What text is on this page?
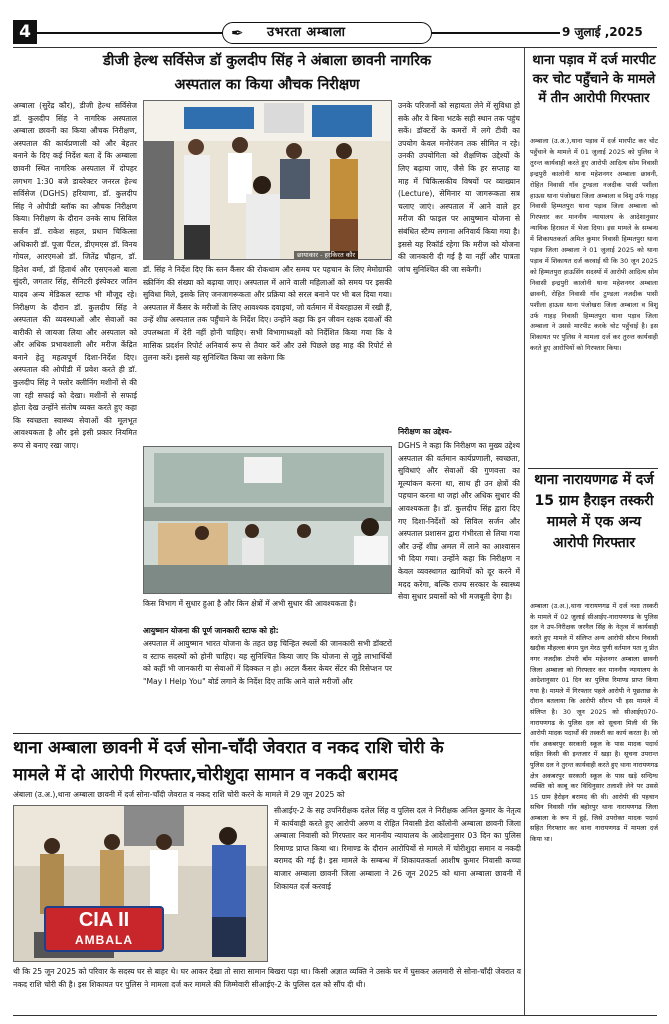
4	✒ उभरता अम्बाला	9 जुलाई ,2025
डीजी हेल्थ सर्विसेज डॉ कुलदीप सिंह ने अंबाला छावनी नागरिक
अस्पताल का किया औचक निरीक्षण
अम्बाला (सुरेंद्र कौर), डीजी हेल्थ सर्विसेज डॉ. कुलदीप सिंह ने नागरिक अस्पताल अम्बाला छावनी का किया औचक निरीक्षण, अस्पताल की कार्यप्रणाली को और बेहतर बनाने के दिए कई निर्देश बता दें कि अम्बाला छावनी स्थित नागरिक अस्पताल में दोपहर लगभग 1:30 बजे डायरेक्टर जनरल हेल्थ सर्विसेज (DGHS) हरियाणा, डॉ. कुलदीप सिंह ने ओपीडी ब्लॉक का औचक निरीक्षण किया। निरीक्षण के दौरान उनके साथ सिविल सर्जन डॉ. राकेश सहल, प्रधान चिकित्सा अधिकारी डॉ. पूजा पैंटल, डीएमएस डॉ. विनय गोयल, आरएमओ डॉ. जितेंद्र चौहान, डॉ. हितेश वर्मा, डॉ हितार्थ और एसएनओ बाला सुंदरी, जगतार सिंह, सैनिटरी इंस्पेक्टर जतिन यादव अन्य मेडिकल स्टाफ भी मौजूद रहे। निरीक्षण के दौरान डॉ. कुलदीप सिंह ने अस्पताल की व्यवस्थाओं और सेवाओं का बारीकी से जायजा लिया और अस्पताल को और अधिक प्रभावशाली और मरीज केंद्रित बनाने हेतु महत्वपूर्ण दिशा-निर्देश दिए। अस्पताल की ओपीडी में प्रवेश करते ही डॉ. कुलदीप सिंह ने फ्लोर क्लीनिंग मशीनों से की जा रही सफाई को देखा। मशीनों से सफाई होता देख उन्होंने संतोष व्यक्त करते हुए कहा कि स्वच्छता स्वास्थ्य सेवाओं की मूलभूत आवश्यकता है और इसे इसी प्रकार नियमित रूप से बनाए रखा जाए।
छायाकार - हरकिरत कौर
डॉ. सिंह ने निर्देश दिए कि स्तन कैंसर की रोकथाम और समय पर पहचान के लिए मेमोग्राफी स्क्रीनिंग की संख्या को बढ़ाया जाए। अस्पताल में आने वाली महिलाओं को समय पर इसकी सुविधा मिले, इसके लिए जनजागरूकता और प्रक्रिया को सरल बनाने पर भी बल दिया गया। अस्पताल में कैंसर के मरीजों के लिए आवश्यक दवाइयां, जो वर्तमान में वेयरहाउस में रखी हैं, उन्हें शीघ्र अस्पताल तक पहुँचाने के निर्देश दिए। उन्होंने कहा कि इन जीवन रक्षक दवाओं की उपलब्धता में देरी नहीं होनी चाहिए। सभी विभागाध्यक्षों को निर्देशित किया गया कि वे मासिक प्रदर्शन रिपोर्ट अनिवार्य रूप से तैयार करें और उसे पिछले छह माह की रिपोर्ट से तुलना करें। इससे यह सुनिश्चित किया जा सकेगा कि
किस विभाग में सुधार हुआ है और किन क्षेत्रों में अभी सुधार की आवश्यकता है।
आयुष्मान योजना की पूर्ण जानकारी स्टाफ को हो:
अस्पताल में आयुष्मान भारत योजना के तहत छह चिन्हित स्थलों की जानकारी सभी डॉक्टरों व स्टाफ सदस्यों को होनी चाहिए। यह सुनिश्चित किया जाए कि योजना से जुड़े लाभार्थियों को कहीं भी जानकारी या सेवाओं में दिक्कत न हो। अटल कैंसर केयर सेंटर की रिसेप्शन पर "May I Help You" बोर्ड लगाने के निर्देश दिए ताकि आने वाले मरीजों और
उनके परिजनों को सहायता लेने में सुविधा हो सके और वे बिना भटके सही स्थान तक पहुंच सकें। डॉक्टरों के कमरों में लगे टीवी का उपयोग केवल मनोरंजन तक सीमित न रहे। उनकी उपयोगिता को शैक्षणिक उद्देश्यों के लिए बढ़ाया जाए, जैसे कि हर सप्ताह या माह में चिकित्सकीय विषयों पर व्याख्यान (Lecture), सेमिनार या जागरूकता सत्र चलाए जाएं। अस्पताल में आने वाले हर मरीज की फाइल पर आयुष्मान योजना से संबंधित स्टैम्प लगाना अनिवार्य किया गया है। इससे यह रिकॉर्ड रहेगा कि मरीज को योजना की जानकारी दी गई है या नहीं और पात्रता जांच सुनिश्चित की जा सकेगी।
निरीक्षण का उद्देश्य-
DGHS ने कहा कि निरीक्षण का मुख्य उद्देश्य अस्पताल की वर्तमान कार्यप्रणाली, स्वच्छता, सुविधाएं और सेवाओं की गुणवत्ता का मूल्यांकन करना था, साथ ही उन क्षेत्रों की पहचान करना था जहां और अधिक सुधार की आवश्यकता है। डॉ. कुलदीप सिंह द्वारा दिए गए दिशा-निर्देशों को सिविल सर्जन और अस्पताल प्रशासन द्वारा गंभीरता से लिया गया और उन्हें शीघ्र अमल में लाने का आश्वासन भी दिया गया। उन्होंने कहा कि निरीक्षण न केवल व्यवस्थागत खामियों को दूर करने में मदद करेगा, बल्कि राज्य सरकार के स्वास्थ्य सेवा सुधार प्रयासों को भी मजबूती देगा है।
थाना अम्बाला छावनी में दर्ज सोना-चाँदी जेवरात व नकद राशि चोरी के
मामले में दो आरोपी गिरफ्तार,चोरीशुदा सामान व नकदी बरामद
अंबाला (उ.अ.),थाना अम्बाला छावनी में दर्ज सोना-चाँदी जेवरात व नकद राशि चोरी करने के मामले में 29 जून 2025 को
CIA II
AMBALA
सीआईए-2 के सह उपनिरीक्षक दलेल सिंह व पुलिस दल ने निरीक्षक अनिल कुमार के नेतृत्व में कार्यवाही करते हुए आरोपी अरुण व रोहित निवासी डेरा कॉलोनी अम्बाला छावनी जिला अम्बाला निवासी को गिरफ्तार कर माननीय न्यायालय के आदेशानुसार 03 दिन का पुलिस रिमाण्ड प्राप्त किया था। रिमाण्ड के दौरान आरोपियों से मामले में चोरीशुदा समान व नकदी बरामद की गई है। इस मामले के सम्बन्ध में शिकायतकर्ता आशीष कुमार निवासी कच्चा बाजार अम्बाला छावनी जिला अम्बाला ने 26 जून 2025 को थाना अम्बाला छावनी में शिकायत दर्ज करवाई
थी कि 25 जून 2025 को परिवार के सदस्य घर से बाहर थे। घर आकर देखा तो सारा सामान बिखरा पड़ा था। किसी अज्ञात व्यक्ति ने उसके घर में घुसकर अलमारी से सोना-चाँदी जेवरात व नकद राशि चोरी की है। इस शिकायत पर पुलिस ने मामला दर्ज कर मामले की जिम्मेवारी सीआईए-2 के पुलिस दल को सौंप दी थी।
थाना पड़ाव में दर्ज मारपीट कर चोट पहुँचाने के मामले में तीन आरोपी गिरफ्तार
अम्बाला (उ.अ.),थाना पड़ाव में दर्ज मारपीट कर चोट पहुँचाने के मामले में 01 जुलाई 2025 को पुलिस ने तुरन्त कार्यवाही करते हुए आरोपी आदित्य सोम निवासी इन्द्रपुरी कालोनी थाना महेशनगर अम्बाला छावनी, रोहित निवासी गाँव टुण्डला नजदीक पासी पशीला हाऊस थाना पंजोखरा जिला अम्बाला व विशु उर्फ गाहड़ निवासी हिम्मतपुरा थाना पड़ाव जिला अम्बाला को गिरफ्तार कर माननीय न्यायालय के आदेशानुसार न्यायिक हिरासत में भेजा दिया। इस मामले के सम्बन्ध में शिकायतकर्ता अमित कुमार निवासी हिम्मतपुरा थाना पड़ाव जिला अम्बाला ने 01 जुलाई 2025 को थाना पड़ाव में शिकायत दर्ज करवाई थी कि 30 जून 2025 को हिम्मतपुरा हाऊसिंग सदस्यों में आरोपी आदित्य सोम निवासी इन्द्रपुरी कालोनी थाना महेशनगर अम्बाला छावनी, रोहित निवासी गाँव टुण्डला नजदीक पासी पशीला हाऊस थाना पंजोखरा जिला अम्बाला व विशु उर्फ गाहड़ निवासी हिम्मतपुरा थाना पड़ाव जिला अम्बाला ने उससे मारपीट करके चोट पहुँचाई है। इस शिकायत पर पुलिस ने मामला दर्ज कर तुरन्त कार्यवाही करते हुए आरोपियों को गिरफ्तार किया।
थाना नारायणगढ में दर्ज 15 ग्राम हैराइन तस्करी मामले में एक अन्य आरोपी गिरफ्तार
अम्बाला (उ.अ.),थाना नारायणगढ में दर्ज नशा तस्करी के मामले में 02 जुलाई सीआईए-नारायणगढ के पुलिस दल ने उप-निरीक्षक जरनैल सिंह के नेतृत्व में कार्यवाही करते हुए मामले में संलिप्त अन्य आरोपी सौरभ निवासी खदौक मौहल्ला बंगम पुल मेरठ पुणी वर्तमान पता नू प्रीत नगर नजदीक टोपरी बाँम महेशनगर अम्बाला छावनी जिला अम्बाला को गिरफ्तार कर माननीय न्यायालय के आदेशानुसार 01 दिन का पुलिस रिमाण्ड प्राप्त किया गया है। मामले में गिरफ्तार पहले आरोपी ने पूछताछ के दौरान बतलाया कि आरोपी सौरभ भी इस मामले में संलिप्त है। 30 जून 2025 को सीआईए070-नारायणगढ के पुलिस दल को सूचना मिली थी कि आरोपी मादक पदार्थों की तस्करी का कार्य करता है। जो गाँव अकबरपुर सरकारी स्कूल के पास मादक पदार्थ सहित किसी की इन्तजार में खड़ा है। सूचना उपरान्त पुलिस दल ने तुरन्त कार्यवाही करते हुए थाना नारायणगढ क्षेत्र अकबरपुर सरकारी स्कूल के पास खड़े सन्दिग्ध व्यक्ति को काबू कर विधिनुसार तलाशी लेने पर उससे 15 ग्राम हैरोइन बरामद की थी। आरोपी की पहचान सचिन निवासी गाँव बहोरपुर थाना नारायणगढ जिला अम्बाला के रूप में हुई, जिसे उपरोक्त मादक पदार्थ सहित गिरफ्तार कर थाना नारायणगढ में मामला दर्ज किया था।
